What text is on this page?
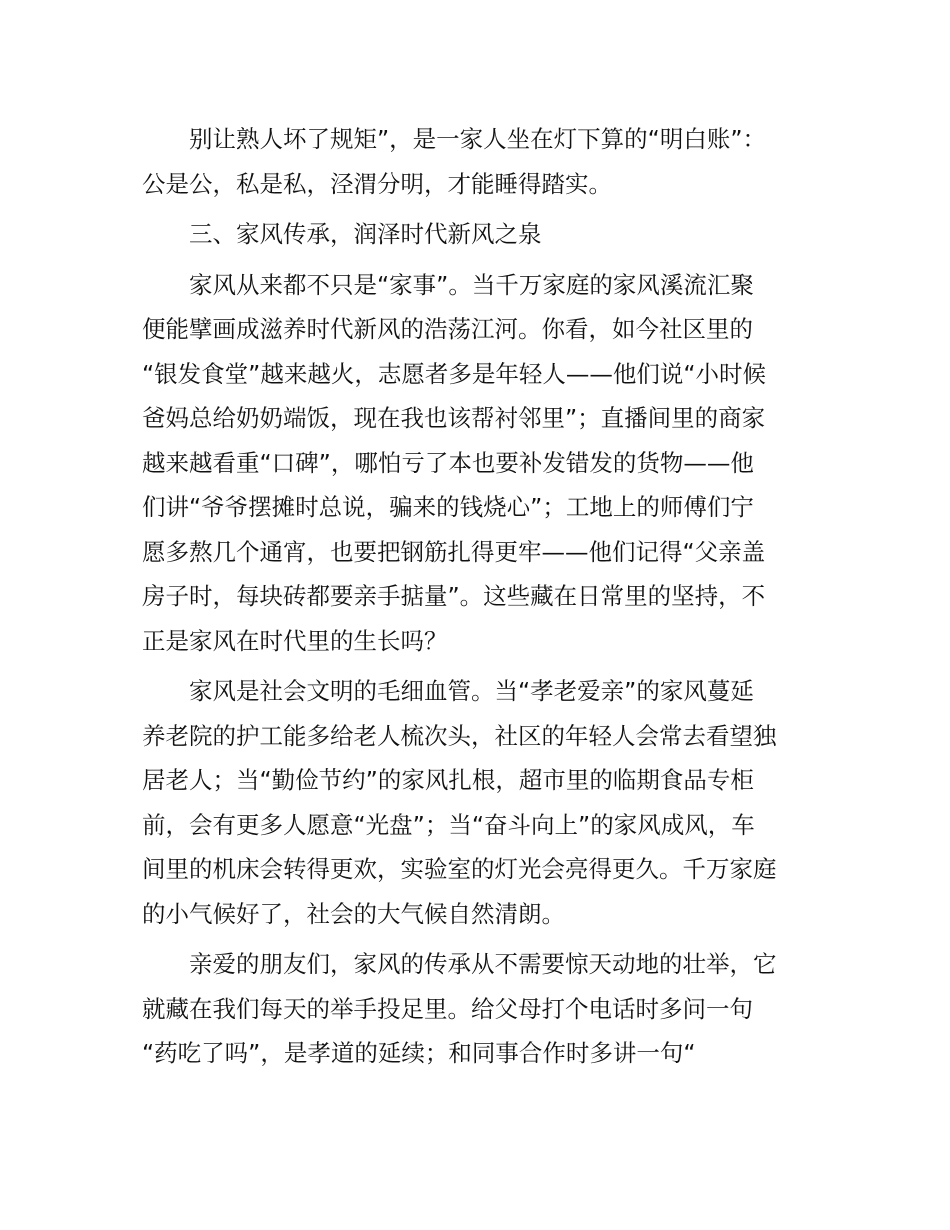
别让熟人坏了规矩”，是一家人坐在灯下算的“明白账”：
公是公，私是私，泾渭分明，才能睡得踏实。
三、家风传承，润泽时代新风之泉
家风从来都不只是“家事”。当千万家庭的家风溪流汇聚
便能擘画成滋养时代新风的浩荡江河。你看，如今社区里的
“银发食堂”越来越火，志愿者多是年轻人——他们说“小时候
爸妈总给奶奶端饭，现在我也该帮衬邻里”；直播间里的商家
越来越看重“口碑”，哪怕亏了本也要补发错发的货物——他
们讲“爷爷摆摊时总说，骗来的钱烧心”；工地上的师傅们宁
愿多熬几个通宵，也要把钢筋扎得更牢——他们记得“父亲盖
房子时，每块砖都要亲手掂量”。这些藏在日常里的坚持，不
正是家风在时代里的生长吗？
家风是社会文明的毛细血管。当“孝老爱亲”的家风蔓延
养老院的护工能多给老人梳次头，社区的年轻人会常去看望独
居老人；当“勤俭节约”的家风扎根，超市里的临期食品专柜
前，会有更多人愿意“光盘”；当“奋斗向上”的家风成风，车
间里的机床会转得更欢，实验室的灯光会亮得更久。千万家庭
的小气候好了，社会的大气候自然清朗。
亲爱的朋友们，家风的传承从不需要惊天动地的壮举，它
就藏在我们每天的举手投足里。给父母打个电话时多问一句
“药吃了吗”，是孝道的延续；和同事合作时多讲一句“
